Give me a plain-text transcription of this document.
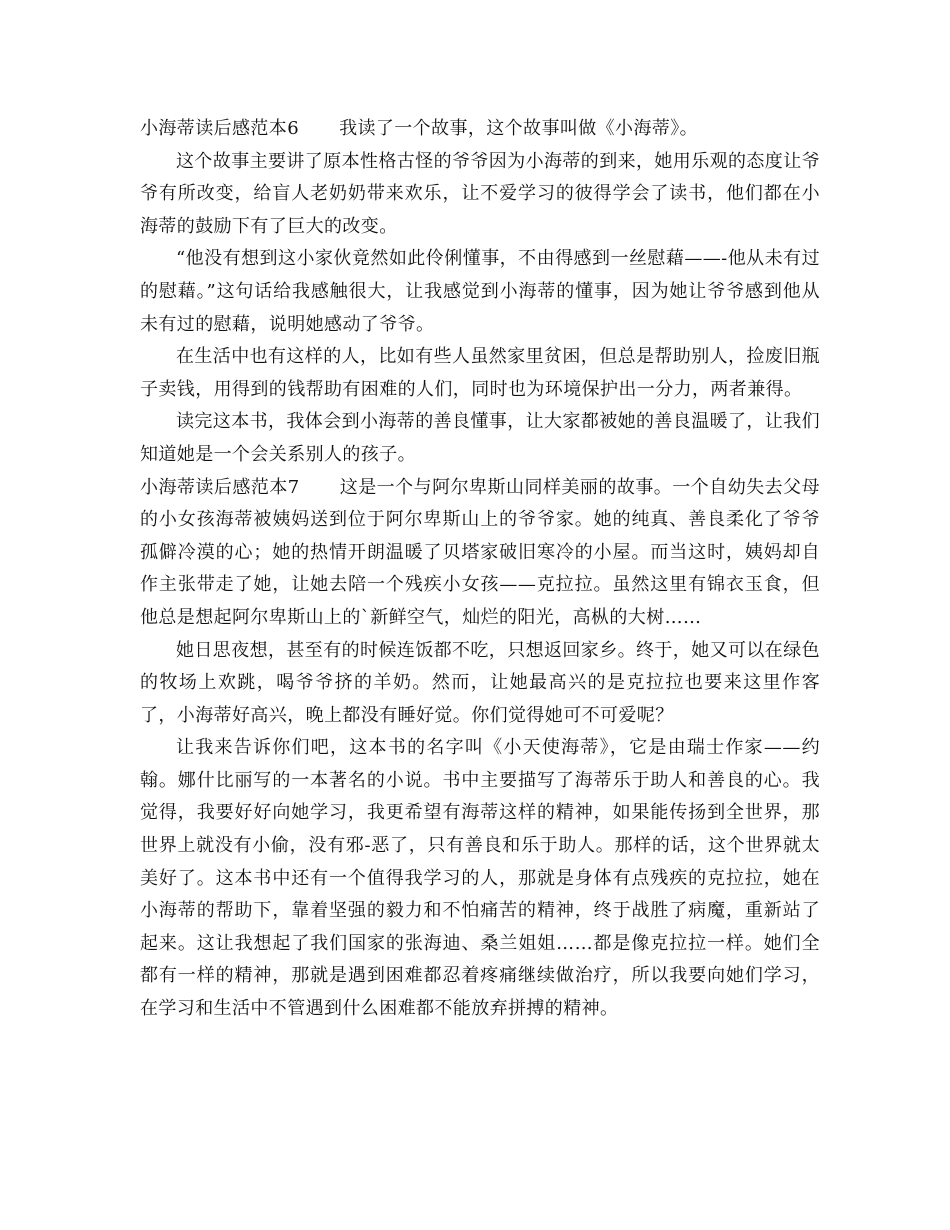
小海蒂读后感范本6 我读了一个故事，这个故事叫做《小海蒂》。

这个故事主要讲了原本性格古怪的爷爷因为小海蒂的到来，她用乐观的态度让爷爷有所改变，给盲人老奶奶带来欢乐，让不爱学习的彼得学会了读书，他们都在小海蒂的鼓励下有了巨大的改变。

“他没有想到这小家伙竟然如此伶俐懂事，不由得感到一丝慰藉——-他从未有过的慰藉。”这句话给我感触很大，让我感觉到小海蒂的懂事，因为她让爷爷感到他从未有过的慰藉，说明她感动了爷爷。

在生活中也有这样的人，比如有些人虽然家里贫困，但总是帮助别人，捡废旧瓶子卖钱，用得到的钱帮助有困难的人们，同时也为环境保护出一分力，两者兼得。

读完这本书，我体会到小海蒂的善良懂事，让大家都被她的善良温暖了，让我们知道她是一个会关系别人的孩子。

小海蒂读后感范本7 这是一个与阿尔卑斯山同样美丽的故事。一个自幼失去父母的小女孩海蒂被姨妈送到位于阿尔卑斯山上的爷爷家。她的纯真、善良柔化了爷爷孤僻冷漠的心；她的热情开朗温暖了贝塔家破旧寒冷的小屋。而当这时，姨妈却自作主张带走了她，让她去陪一个残疾小女孩——克拉拉。虽然这里有锦衣玉食，但他总是想起阿尔卑斯山上的`新鲜空气，灿烂的阳光，高枞的大树……

她日思夜想，甚至有的时候连饭都不吃，只想返回家乡。终于，她又可以在绿色的牧场上欢跳，喝爷爷挤的羊奶。然而，让她最高兴的是克拉拉也要来这里作客了，小海蒂好高兴，晚上都没有睡好觉。你们觉得她可不可爱呢？

让我来告诉你们吧，这本书的名字叫《小天使海蒂》，它是由瑞士作家——约翰。娜什比丽写的一本著名的小说。书中主要描写了海蒂乐于助人和善良的心。我觉得，我要好好向她学习，我更希望有海蒂这样的精神，如果能传扬到全世界，那世界上就没有小偷，没有邪-恶了，只有善良和乐于助人。那样的话，这个世界就太美好了。这本书中还有一个值得我学习的人，那就是身体有点残疾的克拉拉，她在小海蒂的帮助下，靠着坚强的毅力和不怕痛苦的精神，终于战胜了病魔，重新站了起来。这让我想起了我们国家的张海迪、桑兰姐姐……都是像克拉拉一样。她们全都有一样的精神，那就是遇到困难都忍着疼痛继续做治疗，所以我要向她们学习，在学习和生活中不管遇到什么困难都不能放弃拼搏的精神。
